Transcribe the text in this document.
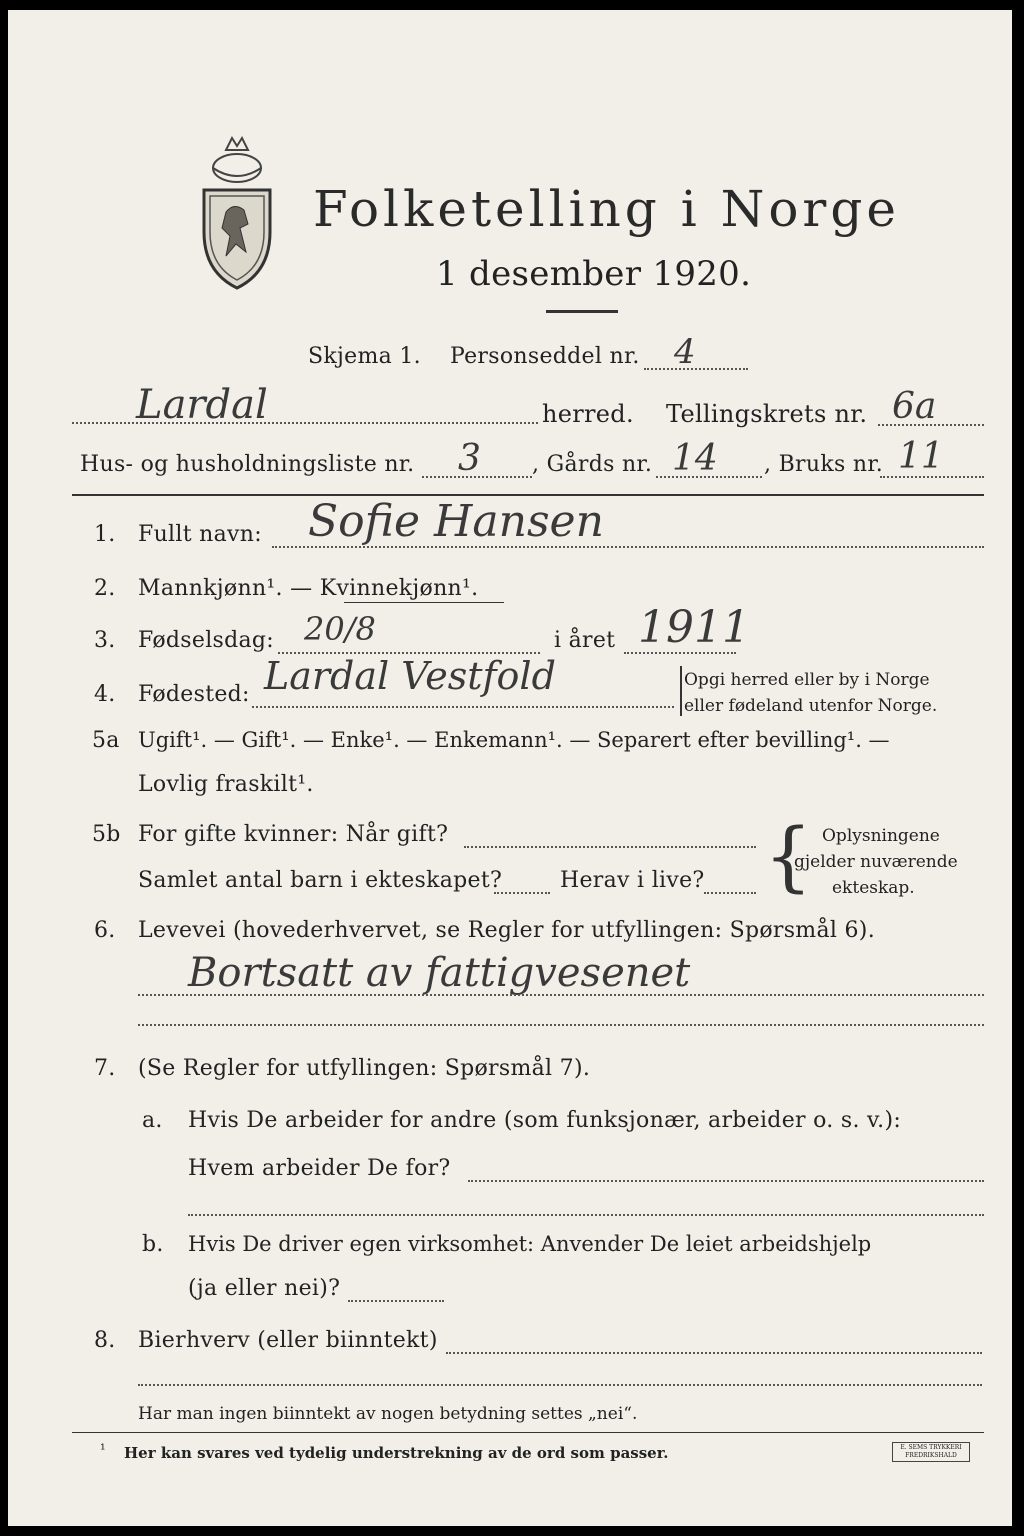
Folketelling i Norge
1 desember 1920.
Skjema 1. Personseddel nr. 4
Lardal	herred. Tellingskrets nr. 6a
Hus- og husholdningsliste nr. 3 , Gårds nr. 14 , Bruks nr. 11
1. Fullt navn: Sofie Hansen
2. Mannkjønn¹. — Kvinnekjønn¹.
3. Fødselsdag: 20/8	i året 1911
4. Fødested: Lardal Vestfold	Opgi herred eller by i Norge
eller fødeland utenfor Norge.
5a Ugift¹. — Gift¹. — Enke¹. — Enkemann¹. — Separert efter bevilling¹. —
Lovlig fraskilt¹.
5b For gifte kvinner: Når gift?
Samlet antal barn i ekteskapet?	Herav i live? { Oplysningene
gjelder nuværende
ekteskap.
6. Levevei (hovederhvervet, se Regler for utfyllingen: Spørsmål 6).
Bortsatt av fattigvesenet
7. (Se Regler for utfyllingen: Spørsmål 7).
a. Hvis De arbeider for andre (som funksjonær, arbeider o. s. v.):
Hvem arbeider De for?
b. Hvis De driver egen virksomhet: Anvender De leiet arbeidshjelp
(ja eller nei)?
8. Bierhverv (eller biinntekt)
Har man ingen biinntekt av nogen betydning settes „nei“.
¹ Her kan svares ved tydelig understrekning av de ord som passer.	E. SEMS TRYKKERI FREDRIKSHALD
